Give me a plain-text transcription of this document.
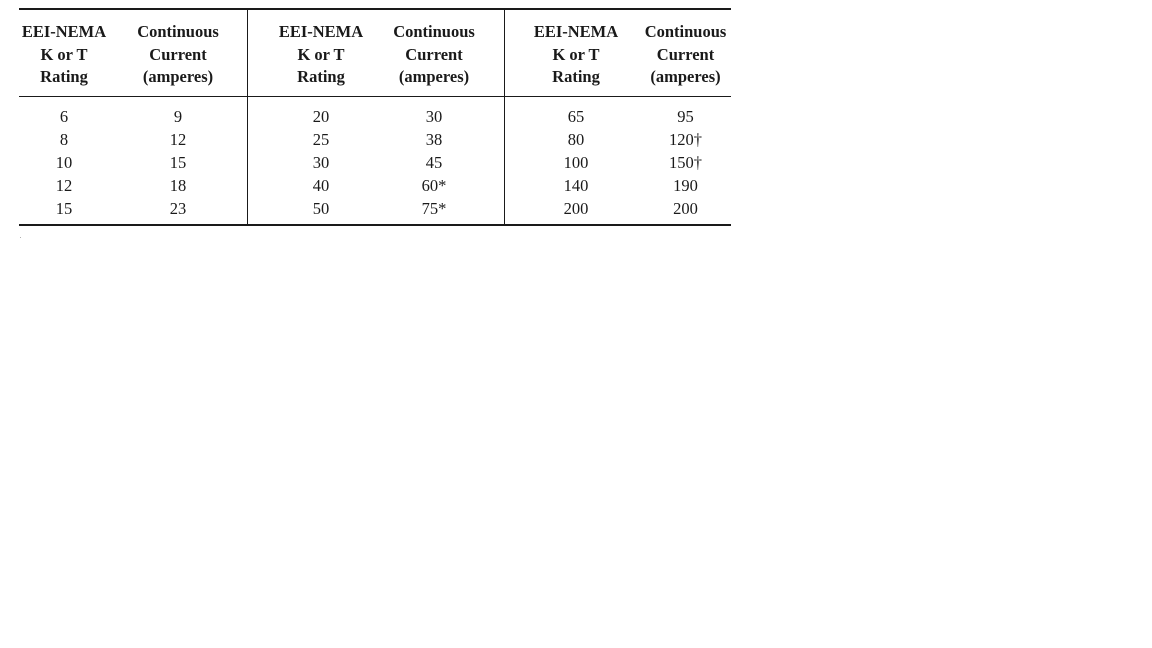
EEI-NEMA
K or T
Rating
6
8
10
12
15
Continuous
Current
(amperes)
9
12
15
18
23
EEI-NEMA
K or T
Rating
20
25
30
40
50
Continuous
Current
(amperes)
30
38
45
60*
75*
EEI-NEMA
K or T
Rating
65
80
100
140
200
Continuous
Current
(amperes)
95
120†
150†
190
200
